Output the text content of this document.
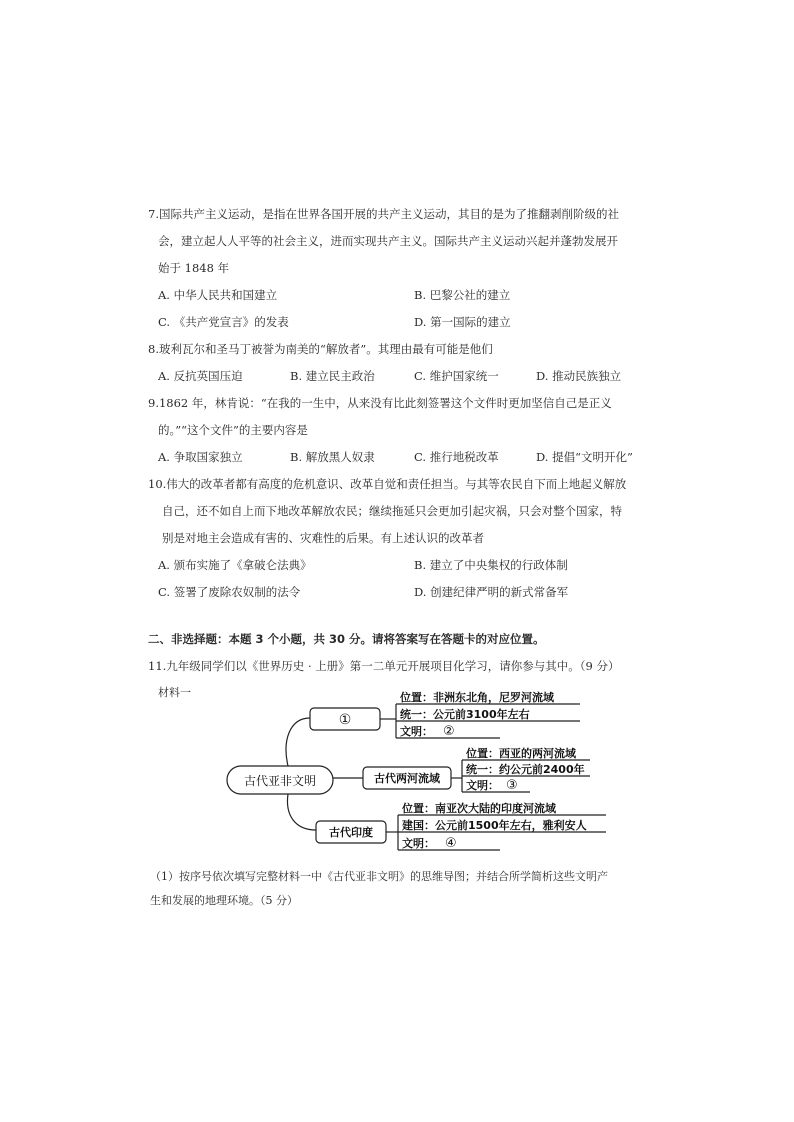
7.国际共产主义运动，是指在世界各国开展的共产主义运动，其目的是为了推翻剥削阶级的社
会，建立起人人平等的社会主义，进而实现共产主义。国际共产主义运动兴起并蓬勃发展开
始于 1848 年
A. 中华人民共和国建立	B. 巴黎公社的建立
C. 《共产党宣言》的发表	D. 第一国际的建立
8.玻利瓦尔和圣马丁被誉为南美的“解放者”。其理由最有可能是他们
A. 反抗英国压迫	B. 建立民主政治	C. 维护国家统一	D. 推动民族独立
9.1862 年，林肯说：“在我的一生中，从来没有比此刻签署这个文件时更加坚信自己是正义
的。”“这个文件”的主要内容是
A. 争取国家独立	B. 解放黑人奴隶	C. 推行地税改革	D. 提倡“文明开化”
10.伟大的改革者都有高度的危机意识、改革自觉和责任担当。与其等农民自下而上地起义解放
自己，还不如自上而下地改革解放农民；继续拖延只会更加引起灾祸，只会对整个国家，特
别是对地主会造成有害的、灾难性的后果。有上述认识的改革者
A. 颁布实施了《拿破仑法典》	B. 建立了中央集权的行政体制
C. 签署了废除农奴制的法令	D. 创建纪律严明的新式常备军
二、非选择题：本题 3 个小题，共 30 分。请将答案写在答题卡的对应位置。
11.九年级同学们以《世界历史 · 上册》第一二单元开展项目化学习，请你参与其中。（9 分）
材料一
古代亚非文明
①
位置：非洲东北角，尼罗河流域
统一：公元前3100年左右
文明： ②
古代两河流域
位置：西亚的两河流域
统一：约公元前2400年
文明： ③
古代印度
位置：南亚次大陆的印度河流域
建国：公元前1500年左右，雅利安人
文明： ④
（1）按序号依次填写完整材料一中《古代亚非文明》的思维导图；并结合所学简析这些文明产
生和发展的地理环境。（5 分）
